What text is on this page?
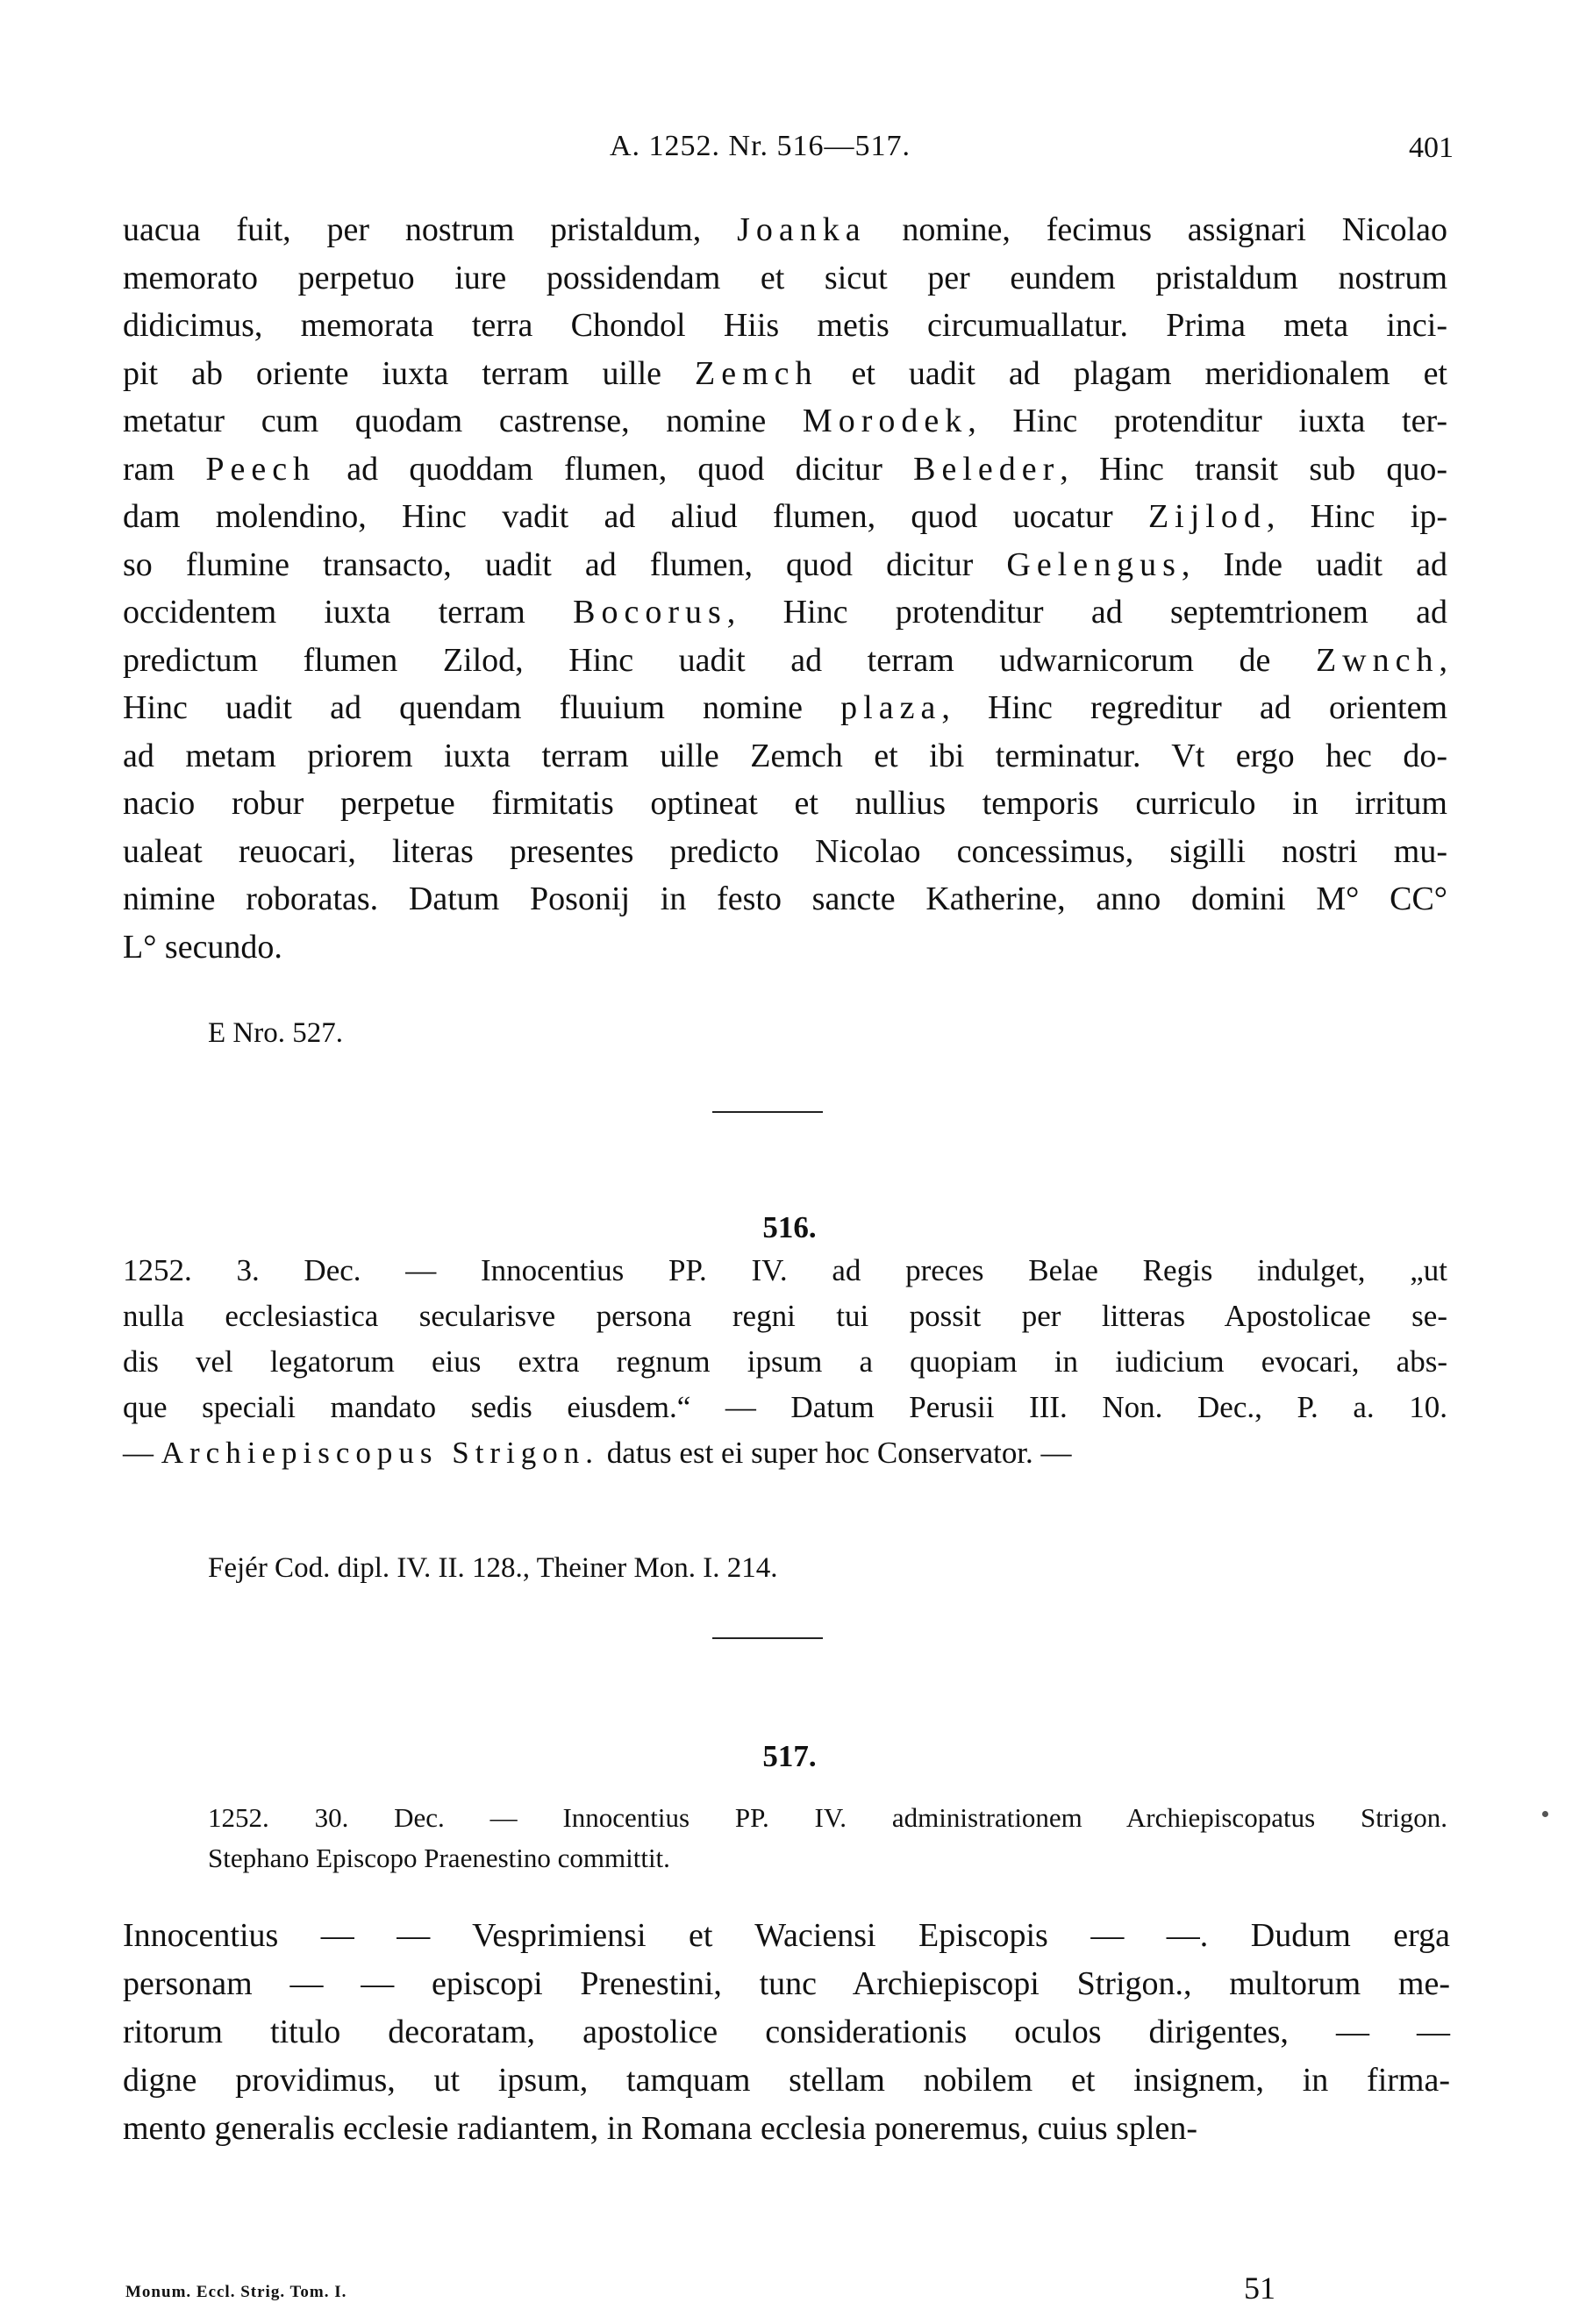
A. 1252. Nr. 516—517.	401
uacua fuit, per nostrum pristaldum, Joanka nomine, fecimus assignari Nicolao
memorato perpetuo iure possidendam et sicut per eundem pristaldum nostrum
didicimus, memorata terra Chondol Hiis metis circumuallatur. Prima meta inci-
pit ab oriente iuxta terram uille Zemch et uadit ad plagam meridionalem et
metatur cum quodam castrense, nomine Morodek, Hinc protenditur iuxta ter-
ram Peech ad quoddam flumen, quod dicitur Beleder, Hinc transit sub quo-
dam molendino, Hinc vadit ad aliud flumen, quod uocatur Zijlod, Hinc ip-
so flumine transacto, uadit ad flumen, quod dicitur Gelengus, Inde uadit ad
occidentem iuxta terram Bocorus, Hinc protenditur ad septemtrionem ad
predictum flumen Zilod, Hinc uadit ad terram udwarnicorum de Zwnch,
Hinc uadit ad quendam fluuium nomine plaza, Hinc regreditur ad orientem
ad metam priorem iuxta terram uille Zemch et ibi terminatur. Vt ergo hec do-
nacio robur perpetue firmitatis optineat et nullius temporis curriculo in irritum
ualeat reuocari, literas presentes predicto Nicolao concessimus, sigilli nostri mu-
nimine roboratas. Datum Posonij in festo sancte Katherine, anno domini M° CC°
L° secundo.
E Nro. 527.
516.
1252. 3. Dec. — Innocentius PP. IV. ad preces Belae Regis indulget, „ut
nulla ecclesiastica secularisve persona regni tui possit per litteras Apostolicae se-
dis vel legatorum eius extra regnum ipsum a quopiam in iudicium evocari, abs-
que speciali mandato sedis eiusdem.“ — Datum Perusii III. Non. Dec., P. a. 10.
— Archiepiscopus Strigon. datus est ei super hoc Conservator. —
Fejér Cod. dipl. IV. II. 128., Theiner Mon. I. 214.
517.
1252. 30. Dec. — Innocentius PP. IV. administrationem Archiepiscopatus Strigon.
Stephano Episcopo Praenestino committit.
Innocentius — — Vesprimiensi et Waciensi Episcopis — —. Dudum erga
personam — — episcopi Prenestini, tunc Archiepiscopi Strigon., multorum me-
ritorum titulo decoratam, apostolice considerationis oculos dirigentes, — —
digne providimus, ut ipsum, tamquam stellam nobilem et insignem, in firma-
mento generalis ecclesie radiantem, in Romana ecclesia poneremus, cuius splen-
Monum. Eccl. Strig. Tom. I.	51
